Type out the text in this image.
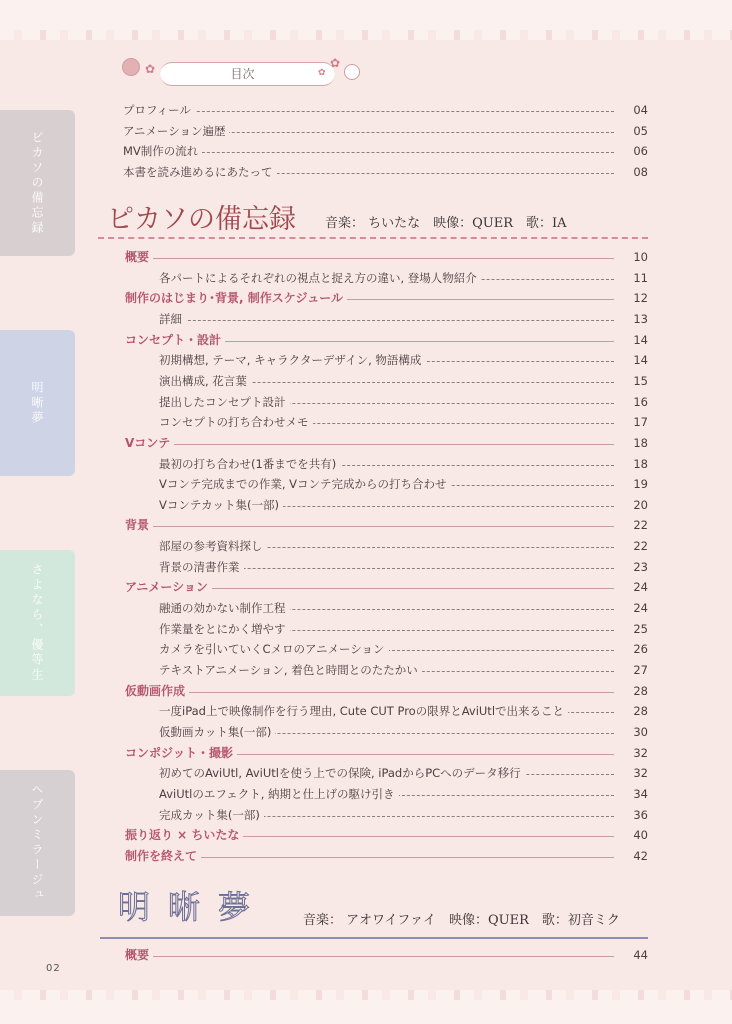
ピカソの備忘録
明晰夢
さよなら、優等生
ヘブンミラージュ
02
目次
✿	✿
✿
プロフィール	04
アニメーション遍歴	05
MV制作の流れ	06
本書を読み進めるにあたって	08
ピカソの備忘録 音楽： ちいたな　映像：QUER　歌：IA
概要	10
各パートによるそれぞれの視点と捉え方の違い, 登場人物紹介	11
制作のはじまり･背景, 制作スケジュール	12
詳細	13
コンセプト・設計	14
初期構想, テーマ, キャラクターデザイン, 物語構成	14
演出構成, 花言葉	15
提出したコンセプト設計	16
コンセプトの打ち合わせメモ	17
Vコンテ	18
最初の打ち合わせ(1番までを共有)	18
Vコンテ完成までの作業, Vコンテ完成からの打ち合わせ	19
Vコンテカット集(一部)	20
背景	22
部屋の参考資料探し	22
背景の清書作業	23
アニメーション	24
融通の効かない制作工程	24
作業量をとにかく増やす	25
カメラを引いていくCメロのアニメーション	26
テキストアニメーション, 着色と時間とのたたかい	27
仮動画作成	28
一度iPad上で映像制作を行う理由, Cute CUT Proの限界とAviUtlで出来ること	28
仮動画カット集(一部)	30
コンポジット・撮影	32
初めてのAviUtl, AviUtlを使う上での保険, iPadからPCへのデータ移行	32
AviUtlのエフェクト, 納期と仕上げの駆け引き	34
完成カット集(一部)	36
振り返り × ちいたな	40
制作を終えて	42
明晰夢	音楽： アオワイファイ　映像：QUER　歌：初音ミク
概要	44
